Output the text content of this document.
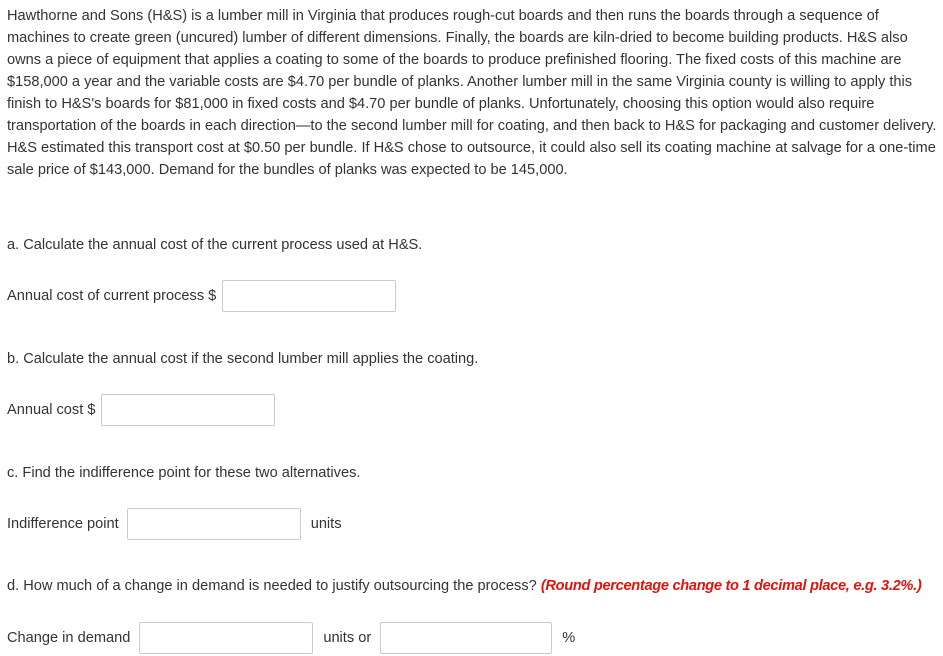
Hawthorne and Sons (H&S) is a lumber mill in Virginia that produces rough-cut boards and then runs the boards through a sequence of machines to create green (uncured) lumber of different dimensions. Finally, the boards are kiln-dried to become building products. H&S also owns a piece of equipment that applies a coating to some of the boards to produce prefinished flooring. The fixed costs of this machine are $158,000 a year and the variable costs are $4.70 per bundle of planks. Another lumber mill in the same Virginia county is willing to apply this finish to H&S's boards for $81,000 in fixed costs and $4.70 per bundle of planks. Unfortunately, choosing this option would also require transportation of the boards in each direction—to the second lumber mill for coating, and then back to H&S for packaging and customer delivery. H&S estimated this transport cost at $0.50 per bundle. If H&S chose to outsource, it could also sell its coating machine at salvage for a one-time sale price of $143,000. Demand for the bundles of planks was expected to be 145,000.

a. Calculate the annual cost of the current process used at H&S.

Annual cost of current process $

b. Calculate the annual cost if the second lumber mill applies the coating.

Annual cost $

c. Find the indifference point for these two alternatives.

Indifference point	units

d. How much of a change in demand is needed to justify outsourcing the process? (Round percentage change to 1 decimal place, e.g. 3.2%.)

Change in demand	units or	%
